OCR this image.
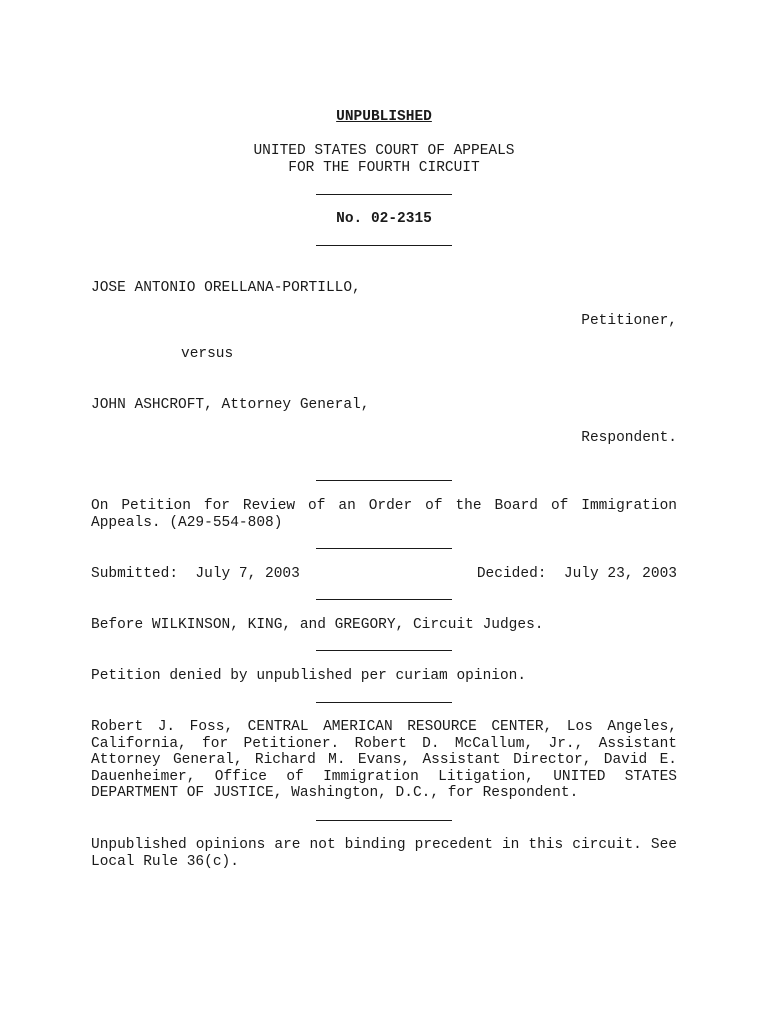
UNPUBLISHED
UNITED STATES COURT OF APPEALS
FOR THE FOURTH CIRCUIT
No. 02-2315
JOSE ANTONIO ORELLANA-PORTILLO,
Petitioner,
versus
JOHN ASHCROFT, Attorney General,
Respondent.
On Petition for Review of an Order of the Board of Immigration Appeals. (A29-554-808)
Submitted:  July 7, 2003	Decided:  July 23, 2003
Before WILKINSON, KING, and GREGORY, Circuit Judges.
Petition denied by unpublished per curiam opinion.
Robert J. Foss, CENTRAL AMERICAN RESOURCE CENTER, Los Angeles, California, for Petitioner. Robert D. McCallum, Jr., Assistant Attorney General, Richard M. Evans, Assistant Director, David E. Dauenheimer, Office of Immigration Litigation, UNITED STATES DEPARTMENT OF JUSTICE, Washington, D.C., for Respondent.
Unpublished opinions are not binding precedent in this circuit. See Local Rule 36(c).
